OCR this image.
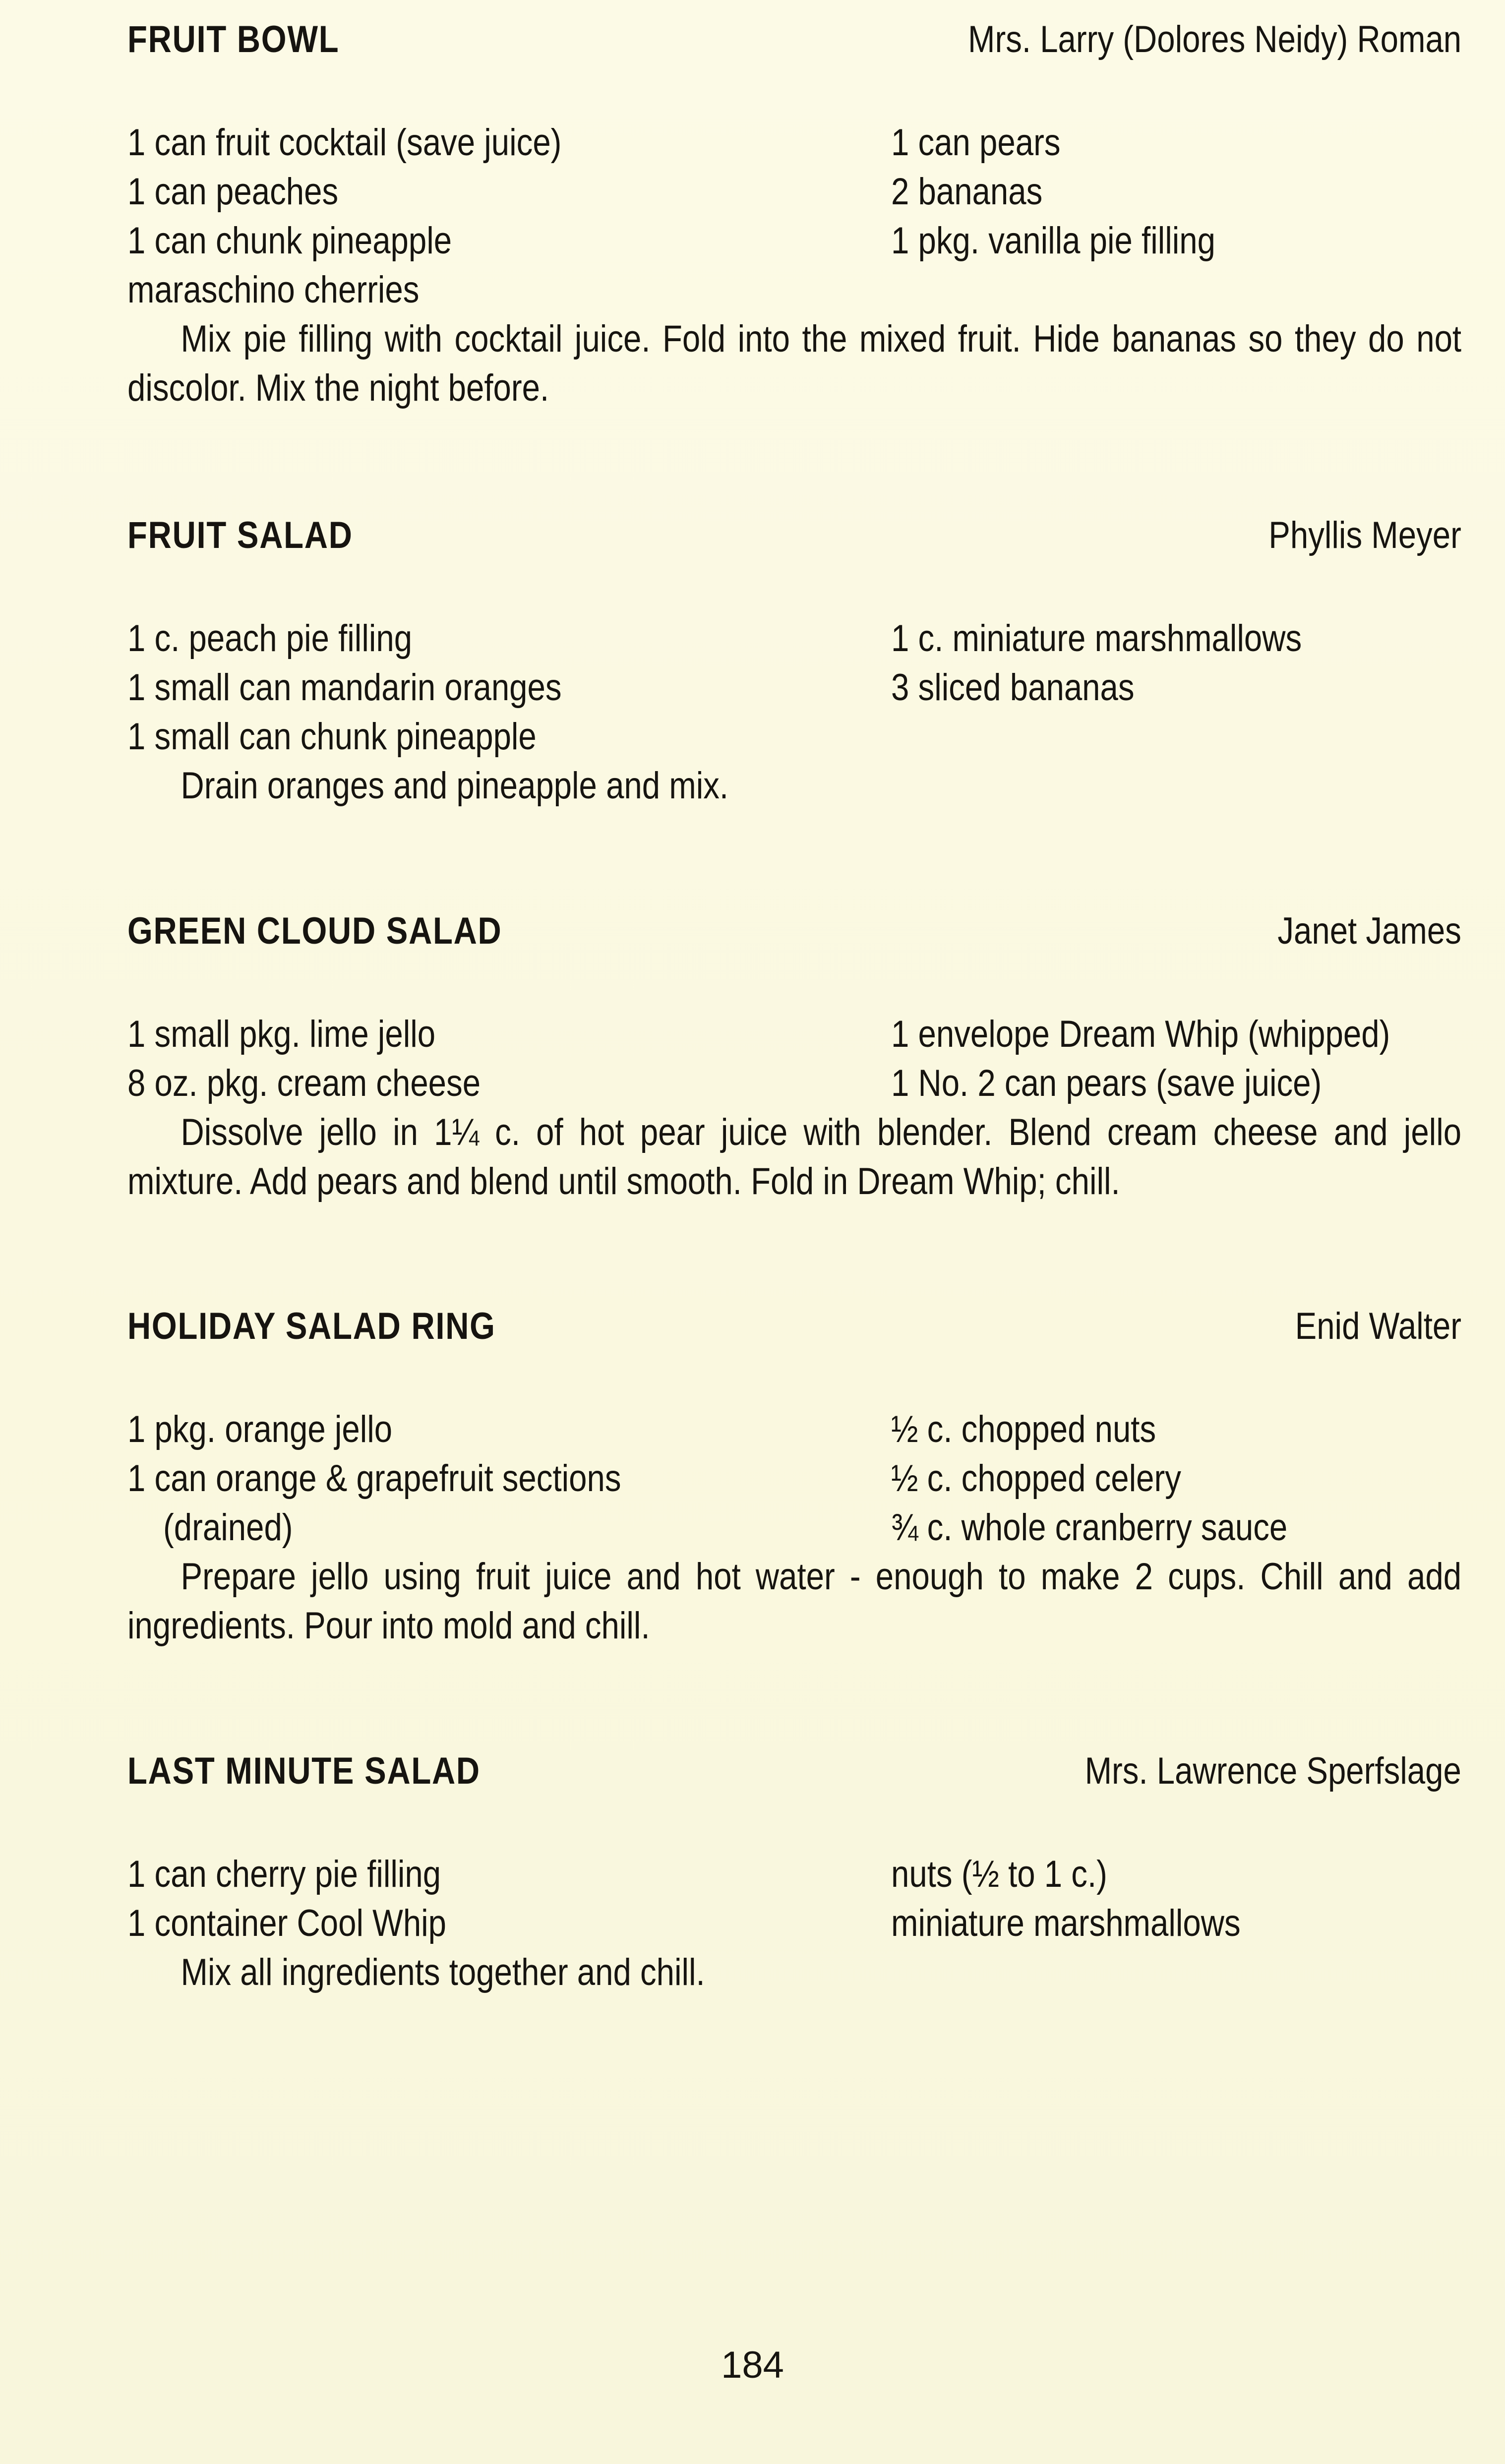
FRUIT BOWL	Mrs. Larry (Dolores Neidy) Roman
1 can fruit cocktail (save juice)	1 can pears
1 can peaches	2 bananas
1 can chunk pineapple	1 pkg. vanilla pie filling
maraschino cherries

Mix pie filling with cocktail juice. Fold into the mixed fruit. Hide bananas so they do not discolor. Mix the night before.

FRUIT SALAD	Phyllis Meyer
1 c. peach pie filling	1 c. miniature marshmallows
1 small can mandarin oranges	3 sliced bananas
1 small can chunk pineapple

Drain oranges and pineapple and mix.

GREEN CLOUD SALAD	Janet James
1 small pkg. lime jello	1 envelope Dream Whip (whipped)
8 oz. pkg. cream cheese	1 No. 2 can pears (save juice)

Dissolve jello in 1¼ c. of hot pear juice with blender. Blend cream cheese and jello mixture. Add pears and blend until smooth. Fold in Dream Whip; chill.

HOLIDAY SALAD RING	Enid Walter
1 pkg. orange jello	½ c. chopped nuts
1 can orange & grapefruit sections	½ c. chopped celery
(drained)	¾ c. whole cranberry sauce

Prepare jello using fruit juice and hot water - enough to make 2 cups. Chill and add ingredients. Pour into mold and chill.

LAST MINUTE SALAD	Mrs. Lawrence Sperfslage
1 can cherry pie filling	nuts (½ to 1 c.)
1 container Cool Whip	miniature marshmallows

Mix all ingredients together and chill.

184
